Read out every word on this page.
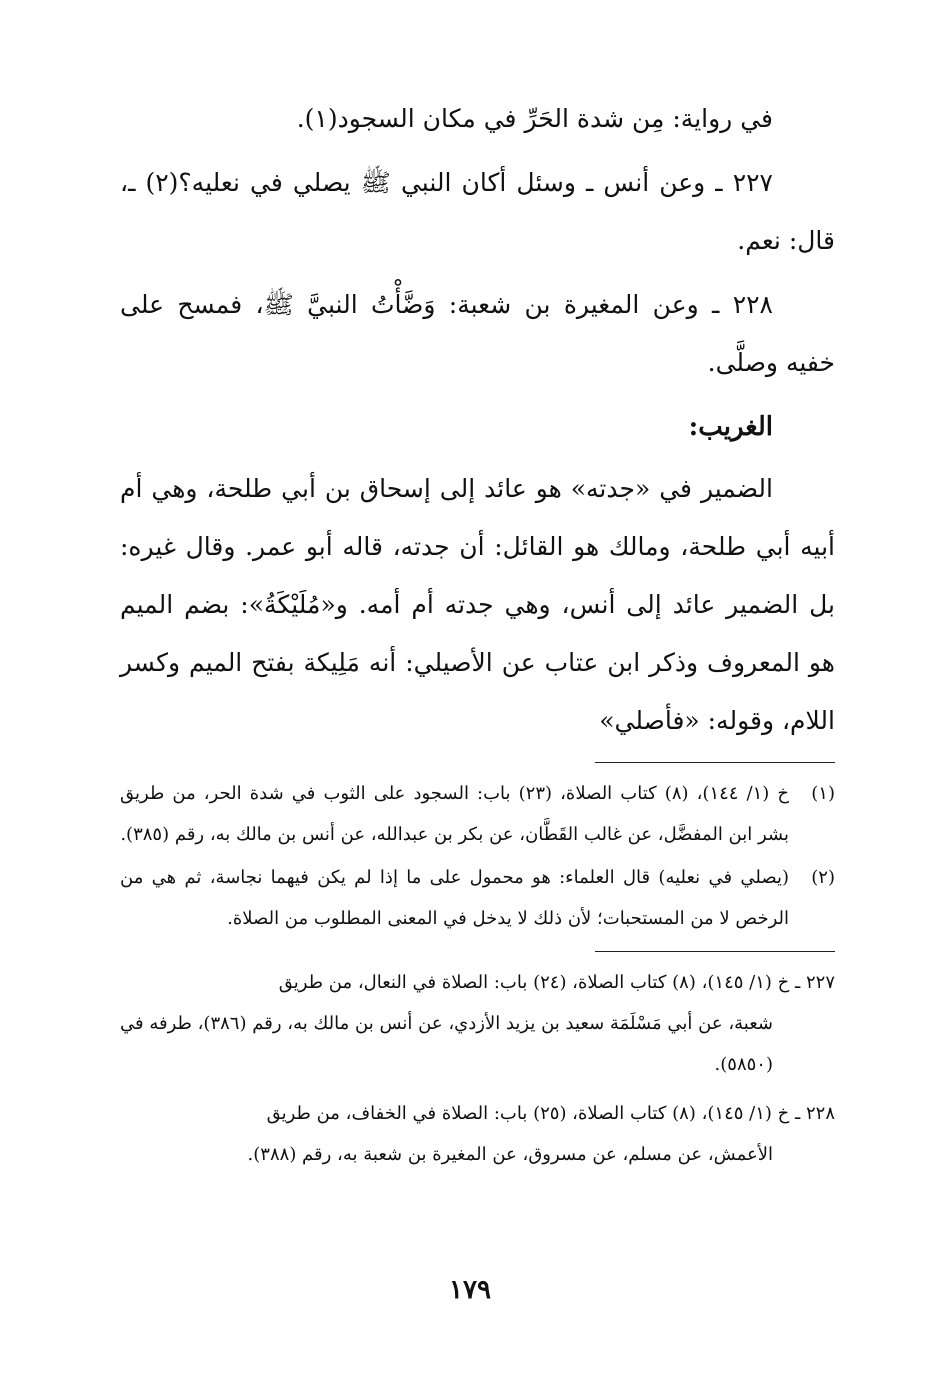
في رواية: مِن شدة الحَرِّ في مكان السجود(١).

٢٢٧ ـ وعن أنس ـ وسئل أكان النبي ﷺ يصلي في نعليه؟(٢) ـ، قال: نعم.

٢٢٨ ـ وعن المغيرة بن شعبة: وَضَّأْتُ النبيَّ ﷺ، فمسح على خفيه وصلَّى.

الغريب:

الضمير في «جدته» هو عائد إلى إسحاق بن أبي طلحة، وهي أم أبيه أبي طلحة، ومالك هو القائل: أن جدته، قاله أبو عمر. وقال غيره: بل الضمير عائد إلى أنس، وهي جدته أم أمه. و«مُلَيْكَةُ»: بضم الميم هو المعروف وذكر ابن عتاب عن الأصيلي: أنه مَلِيكة بفتح الميم وكسر اللام، وقوله: «فأصلي»

(١)
خ (١/ ١٤٤)، (٨) كتاب الصلاة، (٢٣) باب: السجود على الثوب في شدة الحر، من طريق بشر ابن المفضَّل، عن غالب القَطَّان، عن بكر بن عبدالله، عن أنس بن مالك به، رقم (٣٨٥).
(٢)
(يصلي في نعليه) قال العلماء: هو محمول على ما إذا لم يكن فيهما نجاسة، ثم هي من الرخص لا من المستحبات؛ لأن ذلك لا يدخل في المعنى المطلوب من الصلاة.
٢٢٧ ـ خ (١/ ١٤٥)، (٨) كتاب الصلاة، (٢٤) باب: الصلاة في النعال، من طريق
شعبة، عن أبي مَسْلَمَة سعيد بن يزيد الأزدي، عن أنس بن مالك به، رقم (٣٨٦)، طرفه في (٥٨٥٠).
٢٢٨ ـ خ (١/ ١٤٥)، (٨) كتاب الصلاة، (٢٥) باب: الصلاة في الخفاف، من طريق
الأعمش، عن مسلم، عن مسروق، عن المغيرة بن شعبة به، رقم (٣٨٨).
١٧٩
